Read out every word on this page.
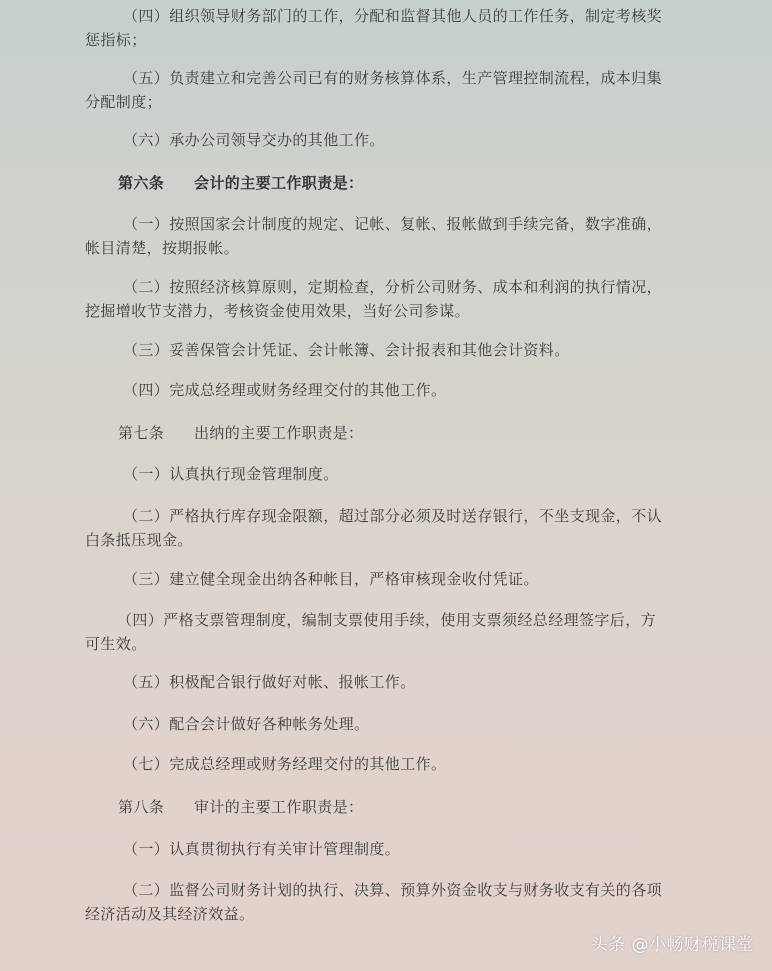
（四）组织领导财务部门的工作，分配和监督其他人员的工作任务，制定考核奖惩指标；
（五）负责建立和完善公司已有的财务核算体系，生产管理控制流程，成本归集分配制度；
（六）承办公司领导交办的其他工作。
第六条 会计的主要工作职责是：
（一）按照国家会计制度的规定、记帐、复帐、报帐做到手续完备，数字准确，帐目清楚，按期报帐。
（二）按照经济核算原则，定期检查，分析公司财务、成本和利润的执行情况，挖掘增收节支潜力，考核资金使用效果，当好公司参谋。
（三）妥善保管会计凭证、会计帐簿、会计报表和其他会计资料。
（四）完成总经理或财务经理交付的其他工作。
第七条 出纳的主要工作职责是：
（一）认真执行现金管理制度。
（二）严格执行库存现金限额，超过部分必须及时送存银行，不坐支现金，不认白条抵压现金。
（三）建立健全现金出纳各种帐目，严格审核现金收付凭证。
（四）严格支票管理制度，编制支票使用手续，使用支票须经总经理签字后，方可生效。
（五）积极配合银行做好对帐、报帐工作。
（六）配合会计做好各种帐务处理。
（七）完成总经理或财务经理交付的其他工作。
第八条 审计的主要工作职责是：
（一）认真贯彻执行有关审计管理制度。
（二）监督公司财务计划的执行、决算、预算外资金收支与财务收支有关的各项经济活动及其经济效益。
头条 @小畅财税课堂
